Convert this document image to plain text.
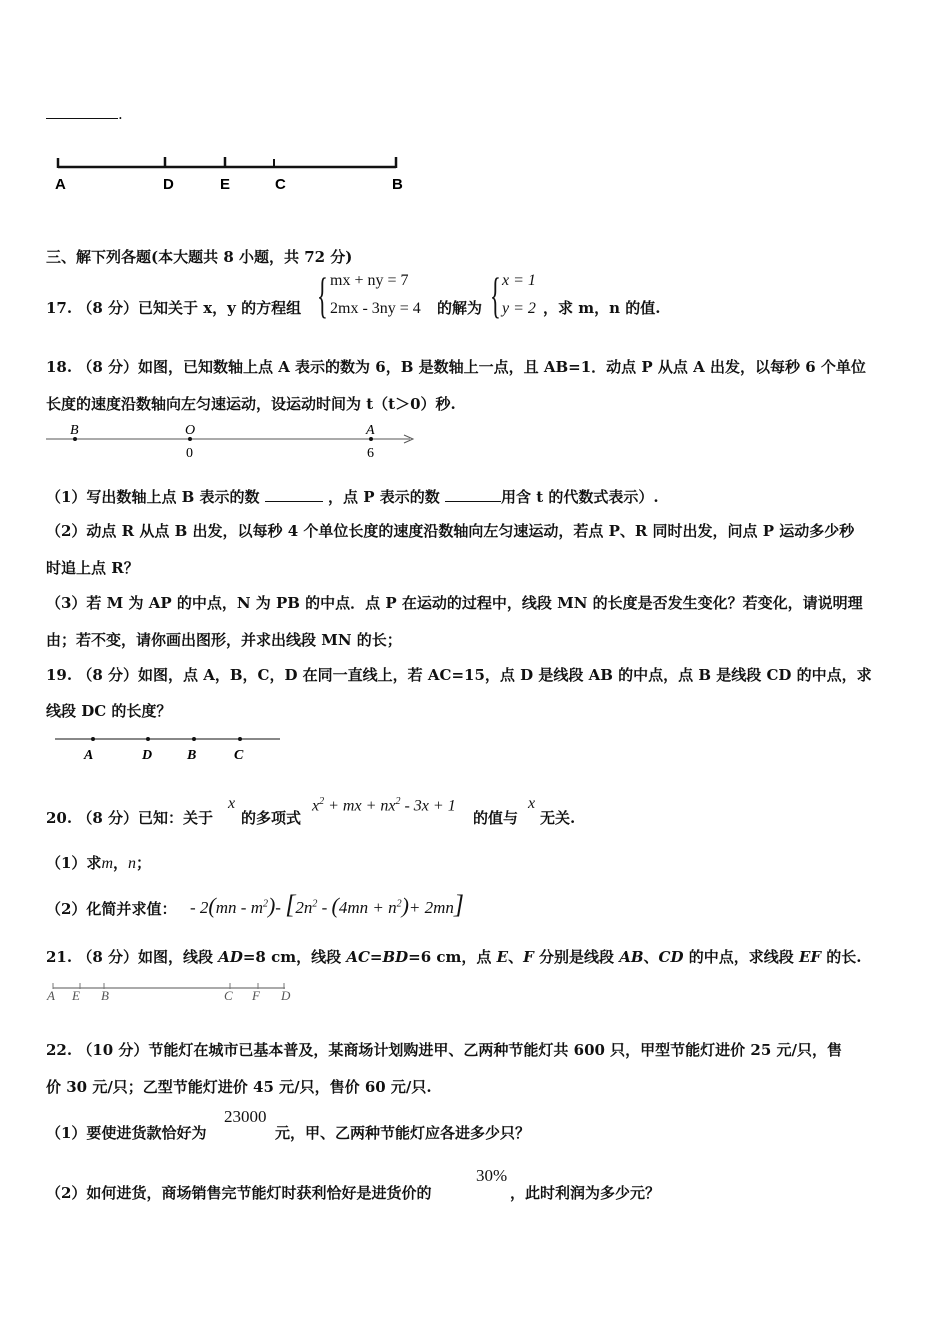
.
A	D	E	C	B
三、解下列各题(本大题共 8 小题，共 72 分)
17. （8 分）已知关于 x，y 的方程组 { mx + ny = 7
2mx - 3ny = 4 的解为 { x = 1
y = 2 ，求 m，n 的值.
18. （8 分）如图，已知数轴上点 A 表示的数为 6，B 是数轴上一点，且 AB=1．动点 P 从点 A 出发，以每秒 6 个单位
长度的速度沿数轴向左匀速运动，设运动时间为 t（t＞0）秒.
B	O	A
0	6
（1）写出数轴上点 B 表示的数	，点 P 表示的数	用含 t 的代数式表示）.
（2）动点 R 从点 B 出发，以每秒 4 个单位长度的速度沿数轴向左匀速运动，若点 P、R 同时出发，问点 P 运动多少秒
时追上点 R？
（3）若 M 为 AP 的中点，N 为 PB 的中点．点 P 在运动的过程中，线段 MN 的长度是否发生变化？若变化，请说明理
由；若不变，请你画出图形，并求出线段 MN 的长；
19. （8 分）如图，点 A，B，C，D 在同一直线上，若 AC=15，点 D 是线段 AB 的中点，点 B 是线段 CD 的中点，求
线段 DC 的长度？
A	D B	C
20. （8 分）已知：关于
x
的多项式
$x^2$ + mx + $nx^2 - 3x + 1$
的值与
x
无关.
（1）求m，n；
（2）化简并求值： - $2(mn - m^2)-$ $[2n^2 - (4mn + n^2)+ 2mn]$
21. （8 分）如图，线段 AD=8 cm，线段 AC=BD=6 cm，点 E、F 分别是线段 AB、CD 的中点，求线段 EF 的长.
A E B	C F D
22. （10 分）节能灯在城市已基本普及，某商场计划购进甲、乙两种节能灯共 600 只，甲型节能灯进价 25 元/只，售
价 30 元/只；乙型节能灯进价 45 元/只，售价 60 元/只.
（1）要使进货款恰好为
23000
元，甲、乙两种节能灯应各进多少只？
（2）如何进货，商场销售完节能灯时获利恰好是进货价的
30%
，此时利润为多少元？
